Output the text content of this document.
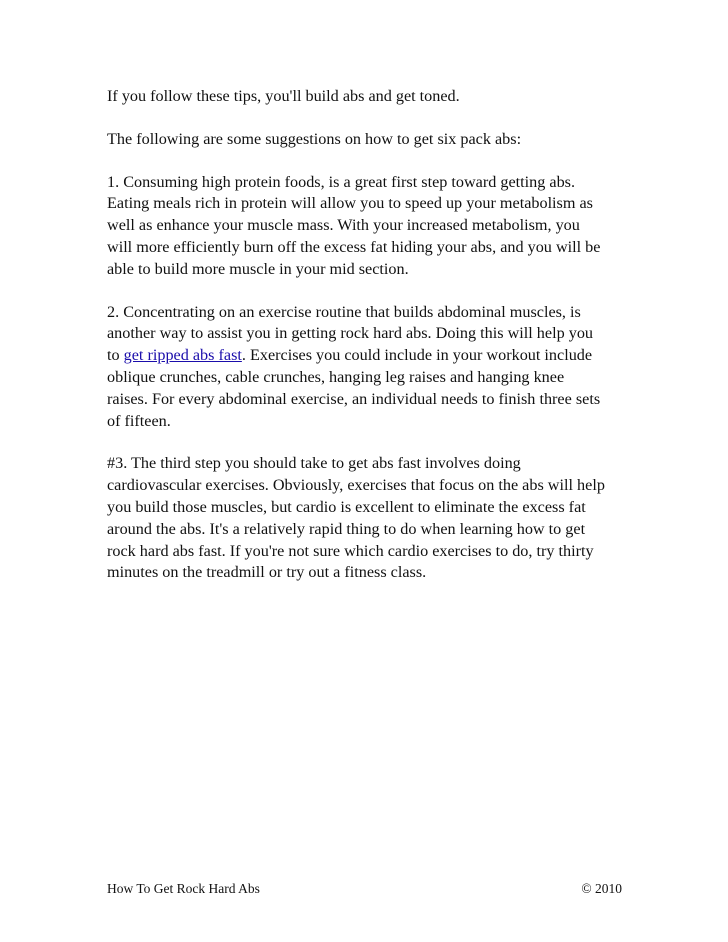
If you follow these tips, you'll build abs and get toned.

The following are some suggestions on how to get six pack abs:

1. Consuming high protein foods, is a great first step toward getting abs.
Eating meals rich in protein will allow you to speed up your metabolism as
well as enhance your muscle mass. With your increased metabolism, you
will more efficiently burn off the excess fat hiding your abs, and you will be
able to build more muscle in your mid section.

2. Concentrating on an exercise routine that builds abdominal muscles, is
another way to assist you in getting rock hard abs. Doing this will help you
to get ripped abs fast. Exercises you could include in your workout include
oblique crunches, cable crunches, hanging leg raises and hanging knee
raises. For every abdominal exercise, an individual needs to finish three sets
of fifteen.

#3. The third step you should take to get abs fast involves doing
cardiovascular exercises. Obviously, exercises that focus on the abs will help
you build those muscles, but cardio is excellent to eliminate the excess fat
around the abs. It's a relatively rapid thing to do when learning how to get
rock hard abs fast. If you're not sure which cardio exercises to do, try thirty
minutes on the treadmill or try out a fitness class.

How To Get Rock Hard Abs	© 2010
